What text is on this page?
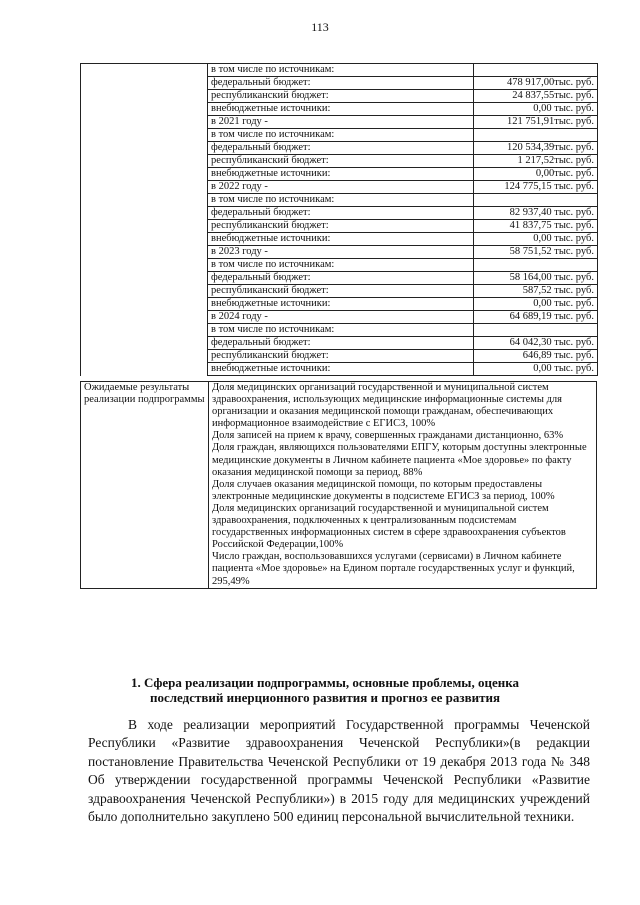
113
	в том числе по источникам:	
	федеральный бюджет:	478 917,00тыс. руб.
	республиканский бюджет:	24 837,55тыс. руб.
	внебюджетные источники:	0,00 тыс. руб.
	в 2021 году -	121 751,91тыс. руб.
	в том числе по источникам:	
	федеральный бюджет:	120 534,39тыс. руб.
	республиканский бюджет:	1 217,52тыс. руб.
	внебюджетные источники:	0,00тыс. руб.
	в 2022 году -	124 775,15 тыс. руб.
	в том числе по источникам:	
	федеральный бюджет:	82 937,40 тыс. руб.
	республиканский бюджет:	41 837,75 тыс. руб.
	внебюджетные источники:	0,00 тыс. руб.
	в 2023 году -	58 751,52 тыс. руб.
	в том числе по источникам:	
	федеральный бюджет:	58 164,00 тыс. руб.
	республиканский бюджет:	587,52 тыс. руб.
	внебюджетные источники:	0,00 тыс. руб.
	в 2024 году -	64 689,19 тыс. руб.
	в том числе по источникам:	
	федеральный бюджет:	64 042,30 тыс. руб.
	республиканский бюджет:	646,89 тыс. руб.
	внебюджетные источники:	0,00 тыс. руб.
Ожидаемые результаты реализации подпрограммы	

Доля медицинских организаций государственной и муниципальной систем здравоохранения, использующих медицинские информационные системы для организации и оказания медицинской помощи гражданам, обеспечивающих информационное взаимодействие с ЕГИСЗ, 100%

Доля записей на прием к врачу, совершенных гражданами дистанционно, 63%

Доля граждан, являющихся пользователями ЕПГУ, которым доступны электронные медицинские документы в Личном кабинете пациента «Мое здоровье» по факту оказания медицинской помощи за период, 88%

Доля случаев оказания медицинской помощи, по которым предоставлены электронные медицинские документы в подсистеме ЕГИСЗ за период, 100%

Доля медицинских организаций государственной и муниципальной систем здравоохранения, подключенных к централизованным подсистемам государственных информационных систем в сфере здравоохранения субъектов Российской Федерации,100%

Число граждан, воспользовавшихся услугами (сервисами) в Личном кабинете пациента «Мое здоровье» на Едином портале государственных услуг и функций, 295,49%

1. Сфера реализации подпрограммы, основные проблемы, оценка

последствий инерционного развития и прогноз ее развития

В ходе реализации мероприятий Государственной программы Чеченской Республики «Развитие здравоохранения Чеченской Республики»(в редакции постановление Правительства Чеченской Республики от 19 декабря 2013 года № 348 Об утверждении государственной программы Чеченской Республики «Развитие здравоохранения Чеченской Республики») в 2015 году для медицинских учреждений было дополнительно закуплено 500 единиц персональной вычислительной техники.
